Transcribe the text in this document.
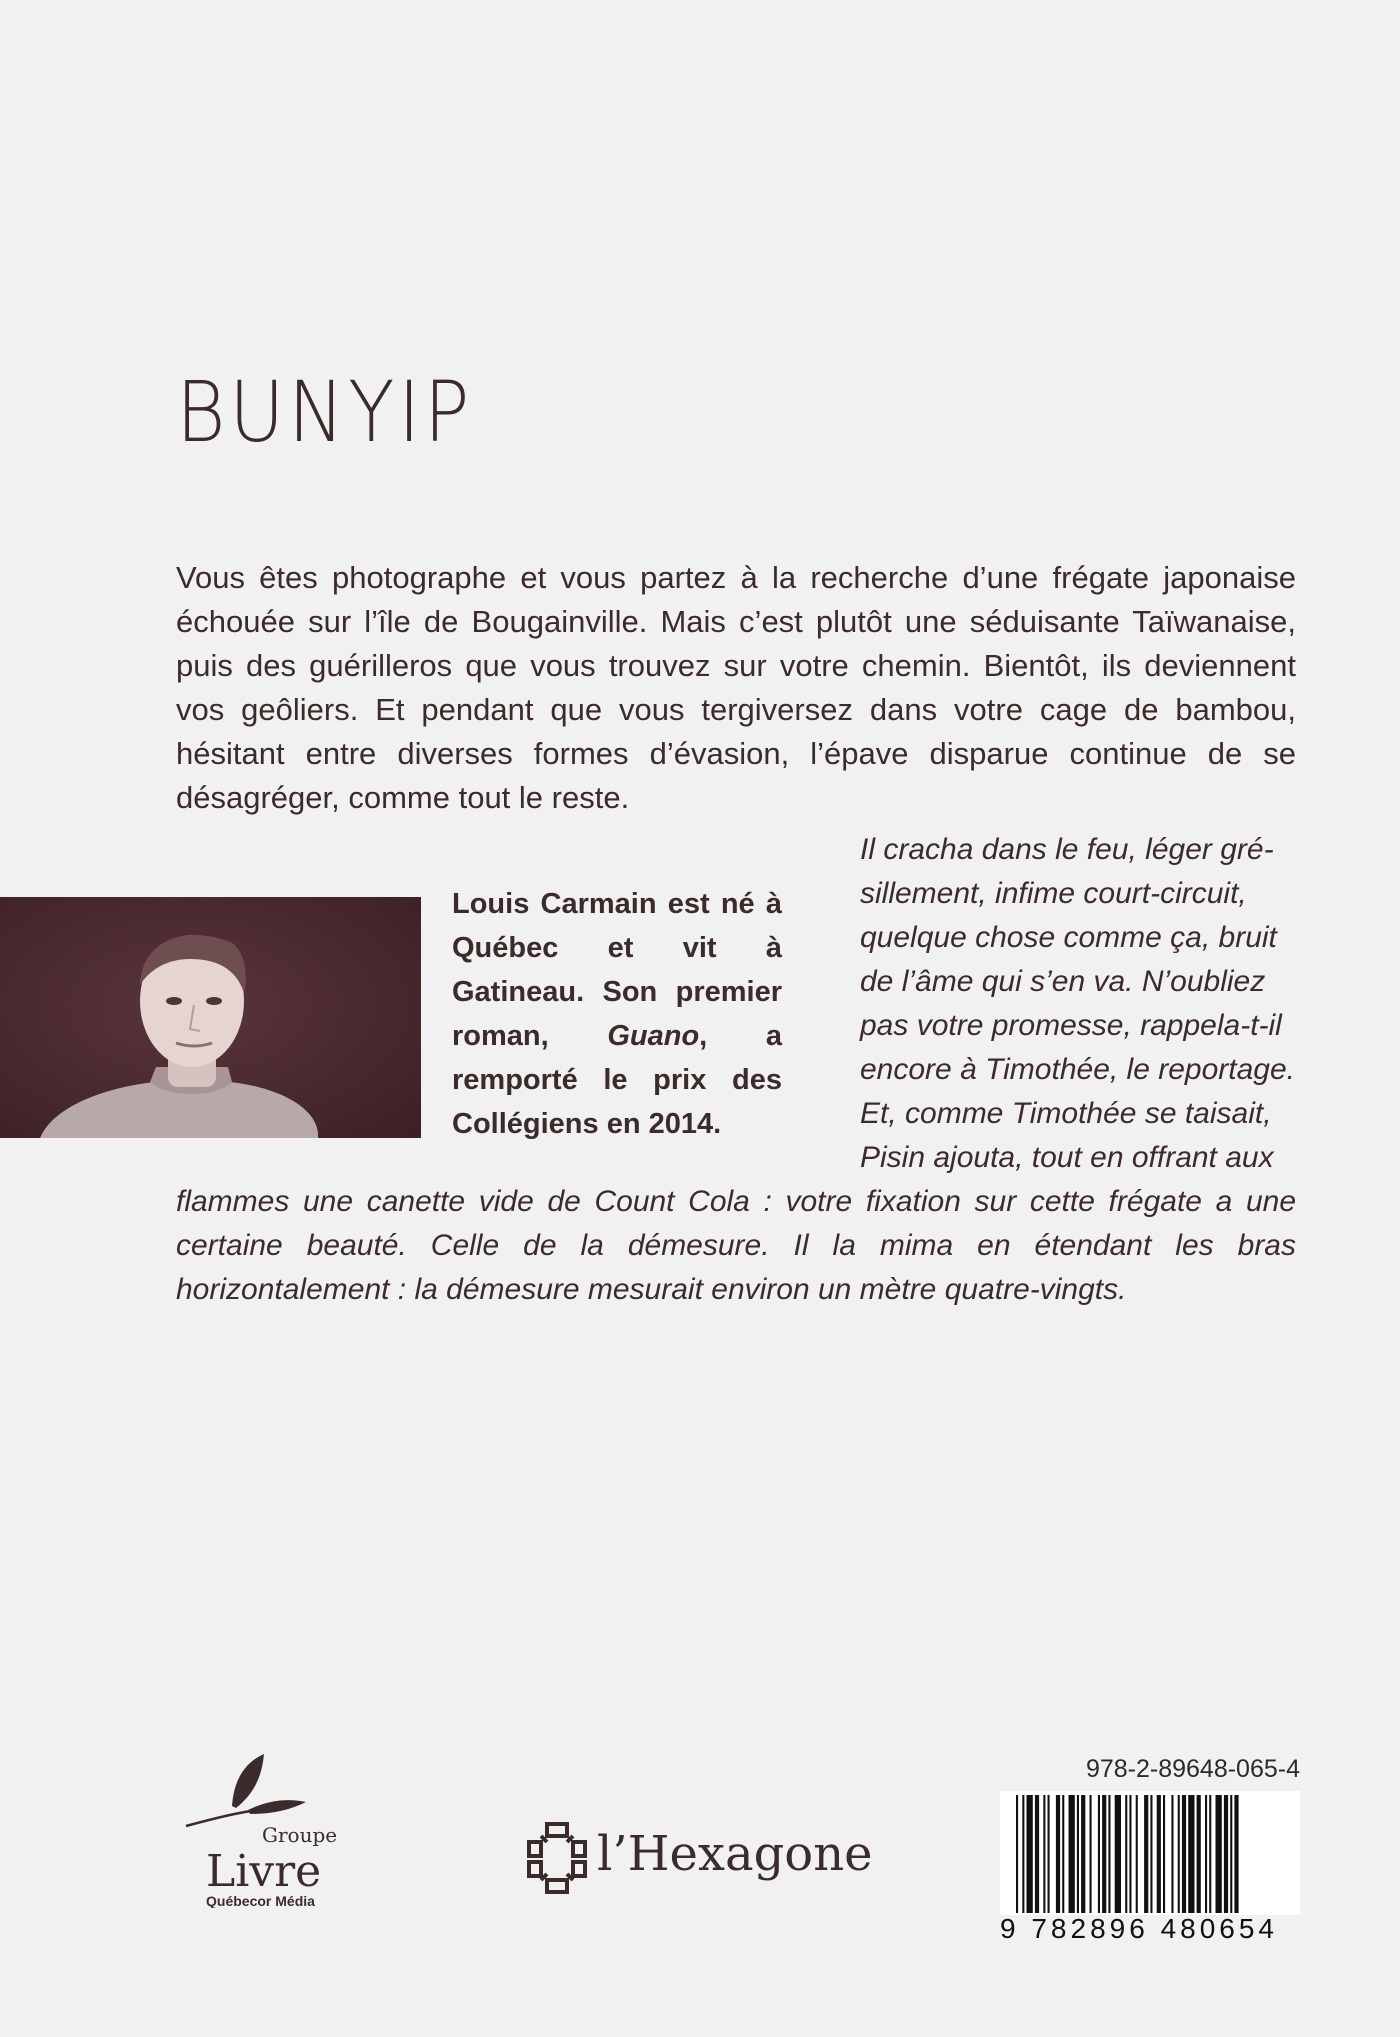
BUNYIP

Vous êtes photographe et vous partez à la recherche d’une frégate japonaise échouée sur l’île de Bougainville. Mais c’est plutôt une séduisante Taïwanaise, puis des guérilleros que vous trouvez sur votre chemin. Bientôt, ils deviennent vos geôliers. Et pendant que vous tergiversez dans votre cage de bambou, hésitant entre diverses formes d’évasion, l’épave disparue continue de se désagréger, comme tout le reste.

Louis Carmain est né à Québec et vit à Gatineau. Son premier roman, Guano, a remporté le prix des Collégiens en 2014.

Il cracha dans le feu, léger gré-
sillement, infime court-circuit,
quelque chose comme ça, bruit
de l’âme qui s’en va. N’oubliez
pas votre promesse, rappela-t-il
encore à Timothée, le reportage.
Et, comme Timothée se taisait,
Pisin ajouta, tout en offrant aux
flammes une canette vide de Count Cola : votre fixation sur cette frégate a une certaine beauté. Celle de la démesure. Il la mima en étendant les bras horizontalement : la démesure mesurait environ un mètre quatre-vingts.
Groupe
Livre
Québecor Média
l’Hexagone
978-2-89648-065-4
9 782896 480654
